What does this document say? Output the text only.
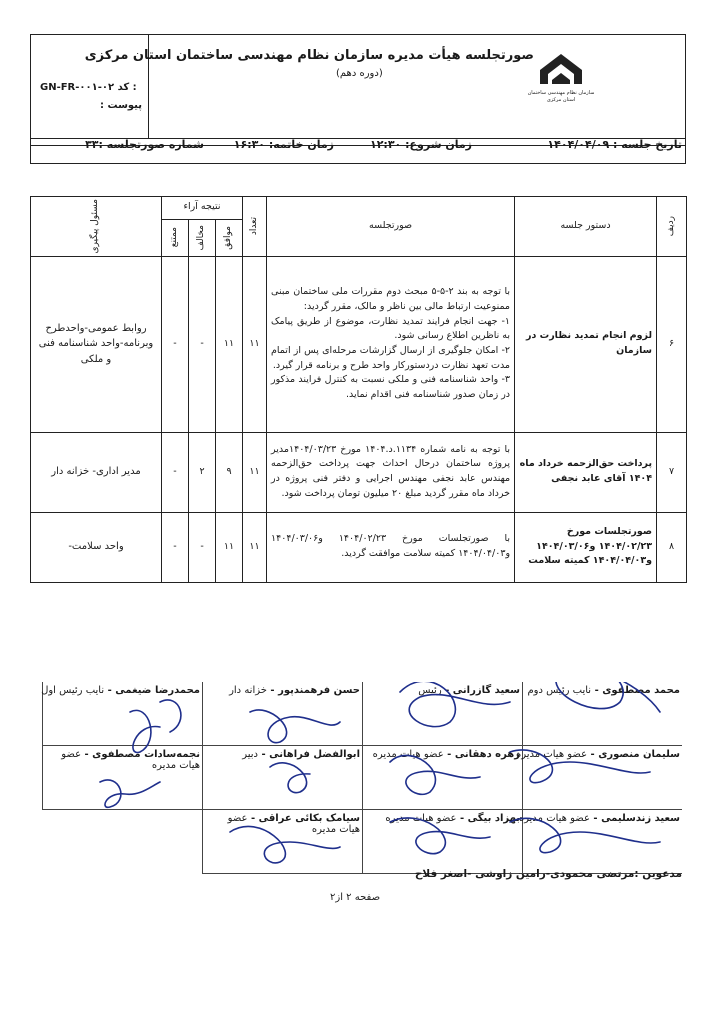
سازمان نظام مهندسی ساختمان
استان مرکزی
صورتجلسه هیأت مدیره سازمان نظام مهندسی ساختمان استان مرکزی
(دوره دهم)
GN-FR-۰۰۱-۰۲ کد :
پیوست :
تاریخ جلسه : ۱۴۰۴/۰۴/۰۹
زمان شروع: ۱۲:۳۰
زمان خاتمه: ۱۶:۳۰
شماره صورتجلسه :۳۳
ردیف	دستور جلسه	صورتجلسه	تعداد	نتیجه آراء			مسئول پیگیری

				موافق	مخالف	ممتنع	

۶	لزوم انجام تمدید نظارت در سازمان	با توجه به بند ۲-۵-۵ مبحث دوم مقررات ملی ساختمان مبنی ممنوعیت ارتباط مالی بین ناظر و مالک، مقرر گردید:
۱- جهت انجام فرایند تمدید نظارت، موضوع از طریق پیامک به ناظرین اطلاع رسانی شود.
۲- امکان جلوگیری از ارسال گزارشات مرحله‌ای پس از اتمام مدت تعهد نظارت دردستورکار واحد طرح و برنامه قرار گیرد.
۳- واحد شناسنامه فنی و ملکی نسبت به کنترل فرایند مذکور در زمان صدور شناسنامه فنی اقدام نماید.	۱۱	۱۱	-	-	روابط عمومی-واحدطرح وبرنامه-واحد شناسنامه فنی و ملکی
۷	پرداخت حق‌الزحمه خرداد ماه ۱۴۰۴ آقای عابد نجفی	با توجه به نامه شماره ۱۱۳۴.د.۱۴۰۴ مورخ ۱۴۰۴/۰۳/۲۳مدیر پروژه ساختمان درحال احداث جهت پرداخت حق‌الزحمه مهندس عابد نجفی مهندس اجرایی و دفتر فنی پروژه در خرداد ماه مقرر گردید مبلغ ۲۰ میلیون تومان پرداخت شود.	۱۱	۹	۲	-	مدیر اداری- خزانه دار
۸	صورتجلسات مورخ ۱۴۰۴/۰۲/۲۳ و۱۴۰۴/۰۳/۰۶ و۱۴۰۴/۰۴/۰۳ کمیته سلامت	با صورتجلسات مورخ ۱۴۰۴/۰۲/۲۳ و۱۴۰۴/۰۳/۰۶ و۱۴۰۴/۰۴/۰۳ کمیته سلامت موافقت گردید.	۱۱	۱۱	-	-	واحد سلامت-
محمد مصطفوی - نایب رئیس دوم
سعید گازرانی - رئیس
حسن فرهمندپور - خزانه دار
محمدرضا ضیغمی - نایب رئیس اول
سلیمان منصوری - عضو هیات مدیره
زهره دهقانی - عضو هیات مدیره
ابوالفضل فراهانی - دبیر
نجمه‌سادات مصطفوی - عضو هیات مدیره
سعید زندسلیمی - عضو هیات مدیره
بهزاد بیگی - عضو هیات مدیره
سیامک بکائی عراقی - عضو هیات مدیره
مدعوین :مرتضی محمودی-رامین زاوشی -اصغر فلاح
صفحه ۲ از۲
